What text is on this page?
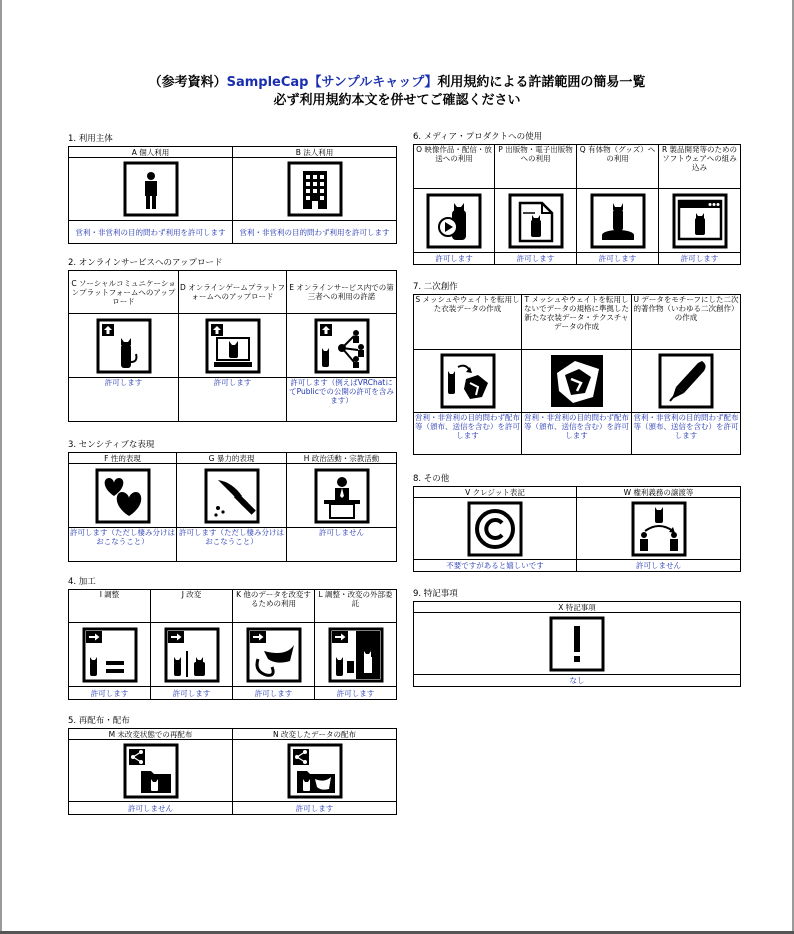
（参考資料）SampleCap【サンプルキャップ】利用規約による許諾範囲の簡易一覧
必ず利用規約本文を併せてご確認ください
1. 利用主体
A 個人利用	B 法人利用

営利・非営利の目的問わず利用を許可します	営利・非営利の目的問わず利用を許可します
2. オンラインサービスへのアップロード
C ソーシャルコミュニケーションプラットフォームへのアップロード	D オンラインゲームプラットフォームへのアップロード	E オンラインサービス内での第三者への利用の許諾

許可します	許可します	許可します（例えばVRChatにてPublicでの公開の許可を含みます）
3. センシティブな表現
F 性的表現	G 暴力的表現	H 政治活動・宗教活動

許可します（ただし棲み分けはおこなうこと）	許可します（ただし棲み分けはおこなうこと）	許可しません
4. 加工
I 調整	J 改変	K 他のデータを改変するための利用	L 調整・改変の外部委託

許可します	許可します	許可します	許可します
5. 再配布・配布
M 未改変状態での再配布	N 改変したデータの配布

許可しません	許可します
6. メディア・プロダクトへの使用
O 映像作品・配信・放送への利用	P 出版物・電子出版物への利用	Q 有体物（グッズ）への利用	R 製品開発等のためのソフトウェアへの組み込み

許可します	許可します	許可します	許可します
7. 二次創作
S メッシュやウェイトを転用した衣装データの作成	T メッシュやウェイトを転用しないでデータの規格に準拠した新たな衣装データ・テクスチャデータの作成	U データをモチーフにした二次的著作物（いわゆる二次創作）の作成

営利・非営利の目的問わず配布等（頒布、送信を含む）を許可します	営利・非営利の目的問わず配布等（頒布、送信を含む）を許可します	営利・非営利の目的問わず配布等（頒布、送信を含む）を許可します
8. その他
V クレジット表記	W 権利義務の譲渡等

不要ですがあると嬉しいです	許可しません
9. 特記事項
X 特記事項

なし
